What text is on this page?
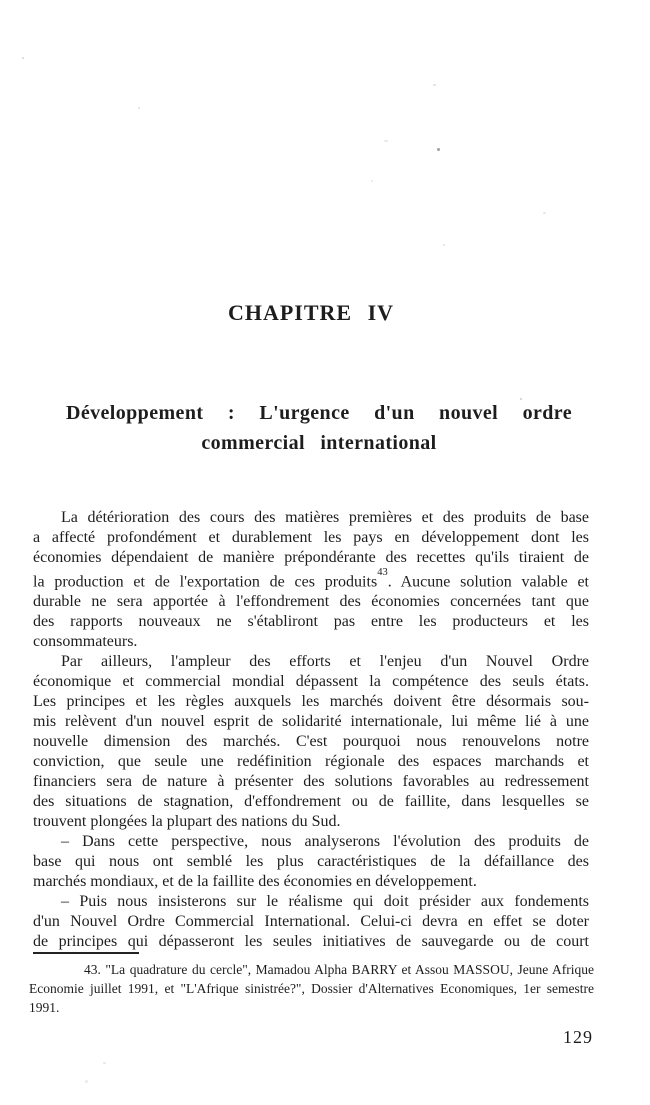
CHAPITRE IV
Développement : L'urgence d'un nouvel ordre
commercial international
La détérioration des cours des matières premières et des produits de base
a affecté profondément et durablement les pays en développement dont les
économies dépendaient de manière prépondérante des recettes qu'ils tiraient de
la production et de l'exportation de ces produits$^{43}$. Aucune solution valable et
durable ne sera apportée à l'effondrement des économies concernées tant que
des rapports nouveaux ne s'établiront pas entre les producteurs et les
consommateurs.
Par ailleurs, l'ampleur des efforts et l'enjeu d'un Nouvel Ordre
économique et commercial mondial dépassent la compétence des seuls états.
Les principes et les règles auxquels les marchés doivent être désormais sou-
mis relèvent d'un nouvel esprit de solidarité internationale, lui même lié à une
nouvelle dimension des marchés. C'est pourquoi nous renouvelons notre
conviction, que seule une redéfinition régionale des espaces marchands et
financiers sera de nature à présenter des solutions favorables au redressement
des situations de stagnation, d'effondrement ou de faillite, dans lesquelles se
trouvent plongées la plupart des nations du Sud.
– Dans cette perspective, nous analyserons l'évolution des produits de
base qui nous ont semblé les plus caractéristiques de la défaillance des
marchés mondiaux, et de la faillite des économies en développement.
– Puis nous insisterons sur le réalisme qui doit présider aux fondements
d'un Nouvel Ordre Commercial International. Celui-ci devra en effet se doter
de principes qui dépasseront les seules initiatives de sauvegarde ou de court
43. "La quadrature du cercle", Mamadou Alpha BARRY et Assou MASSOU, Jeune Afrique
Economie juillet 1991, et "L'Afrique sinistrée?", Dossier d'Alternatives Economiques, 1er semestre
1991.
129
